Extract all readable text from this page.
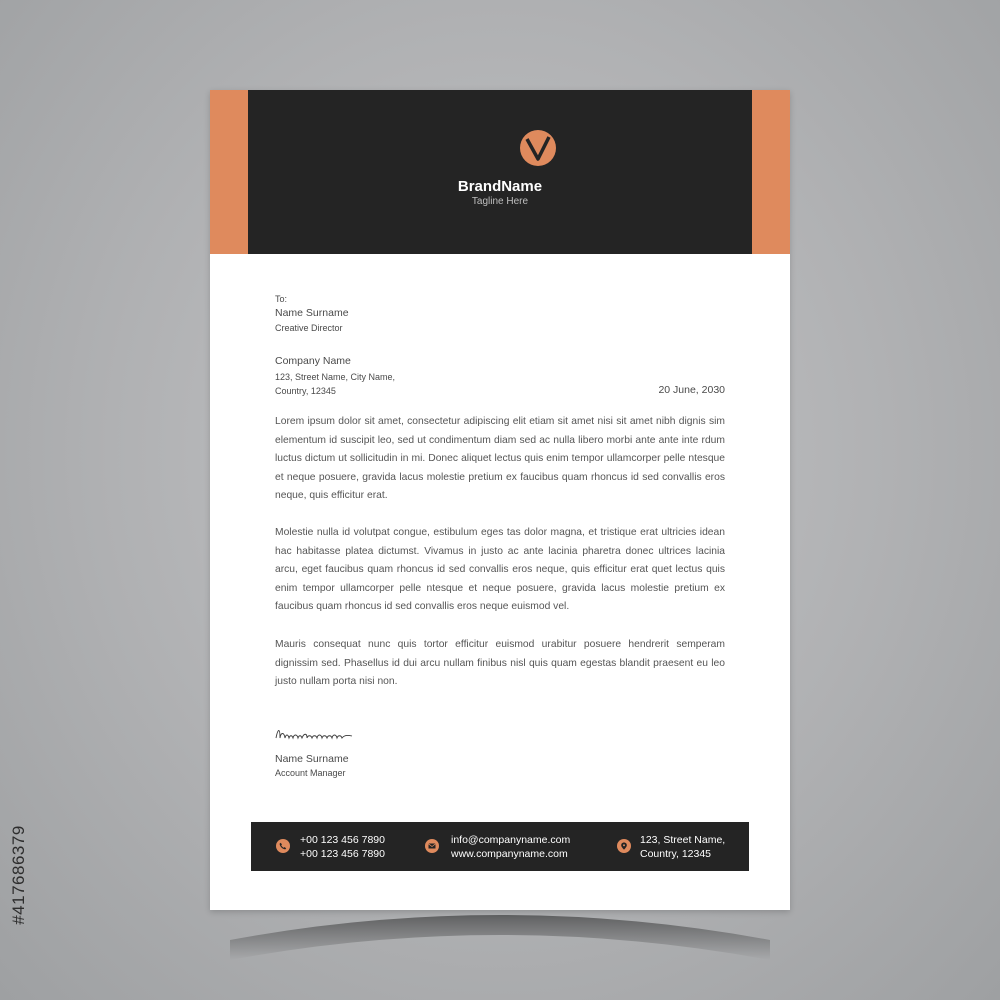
#417686379
BrandName
Tagline Here
To:
Name Surname
Creative Director
Company Name
123, Street Name, City Name,
Country, 12345	20 June, 2030

Lorem ipsum dolor sit amet, consectetur adipiscing elit etiam sit amet nisi sit amet nibh dignis sim elementum id suscipit leo, sed ut condimentum diam sed ac nulla libero morbi ante ante inte rdum luctus dictum ut sollicitudin in mi. Donec aliquet lectus quis enim tempor ullamcorper pelle ntesque et neque posuere, gravida lacus molestie pretium ex faucibus quam rhoncus id sed convallis eros neque, quis efficitur erat.

Molestie nulla id volutpat congue, estibulum eges tas dolor magna, et tristique erat ultricies idean hac habitasse platea dictumst. Vivamus in justo ac ante lacinia pharetra donec ultrices lacinia arcu, eget faucibus quam rhoncus id sed convallis eros neque, quis efficitur erat quet lectus quis enim tempor ullamcorper pelle ntesque et neque posuere, gravida lacus molestie pretium ex faucibus quam rhoncus id sed convallis eros neque euismod vel.

Mauris consequat nunc quis tortor efficitur euismod urabitur posuere hendrerit semperam dignissim sed. Phasellus id dui arcu nullam finibus nisl quis quam egestas blandit praesent eu leo justo nullam porta nisi non.

Name Surname
Account Manager
+00 123 456 7890
+00 123 456 7890
info@companyname.com
www.companyname.com
123, Street Name,
Country, 12345
